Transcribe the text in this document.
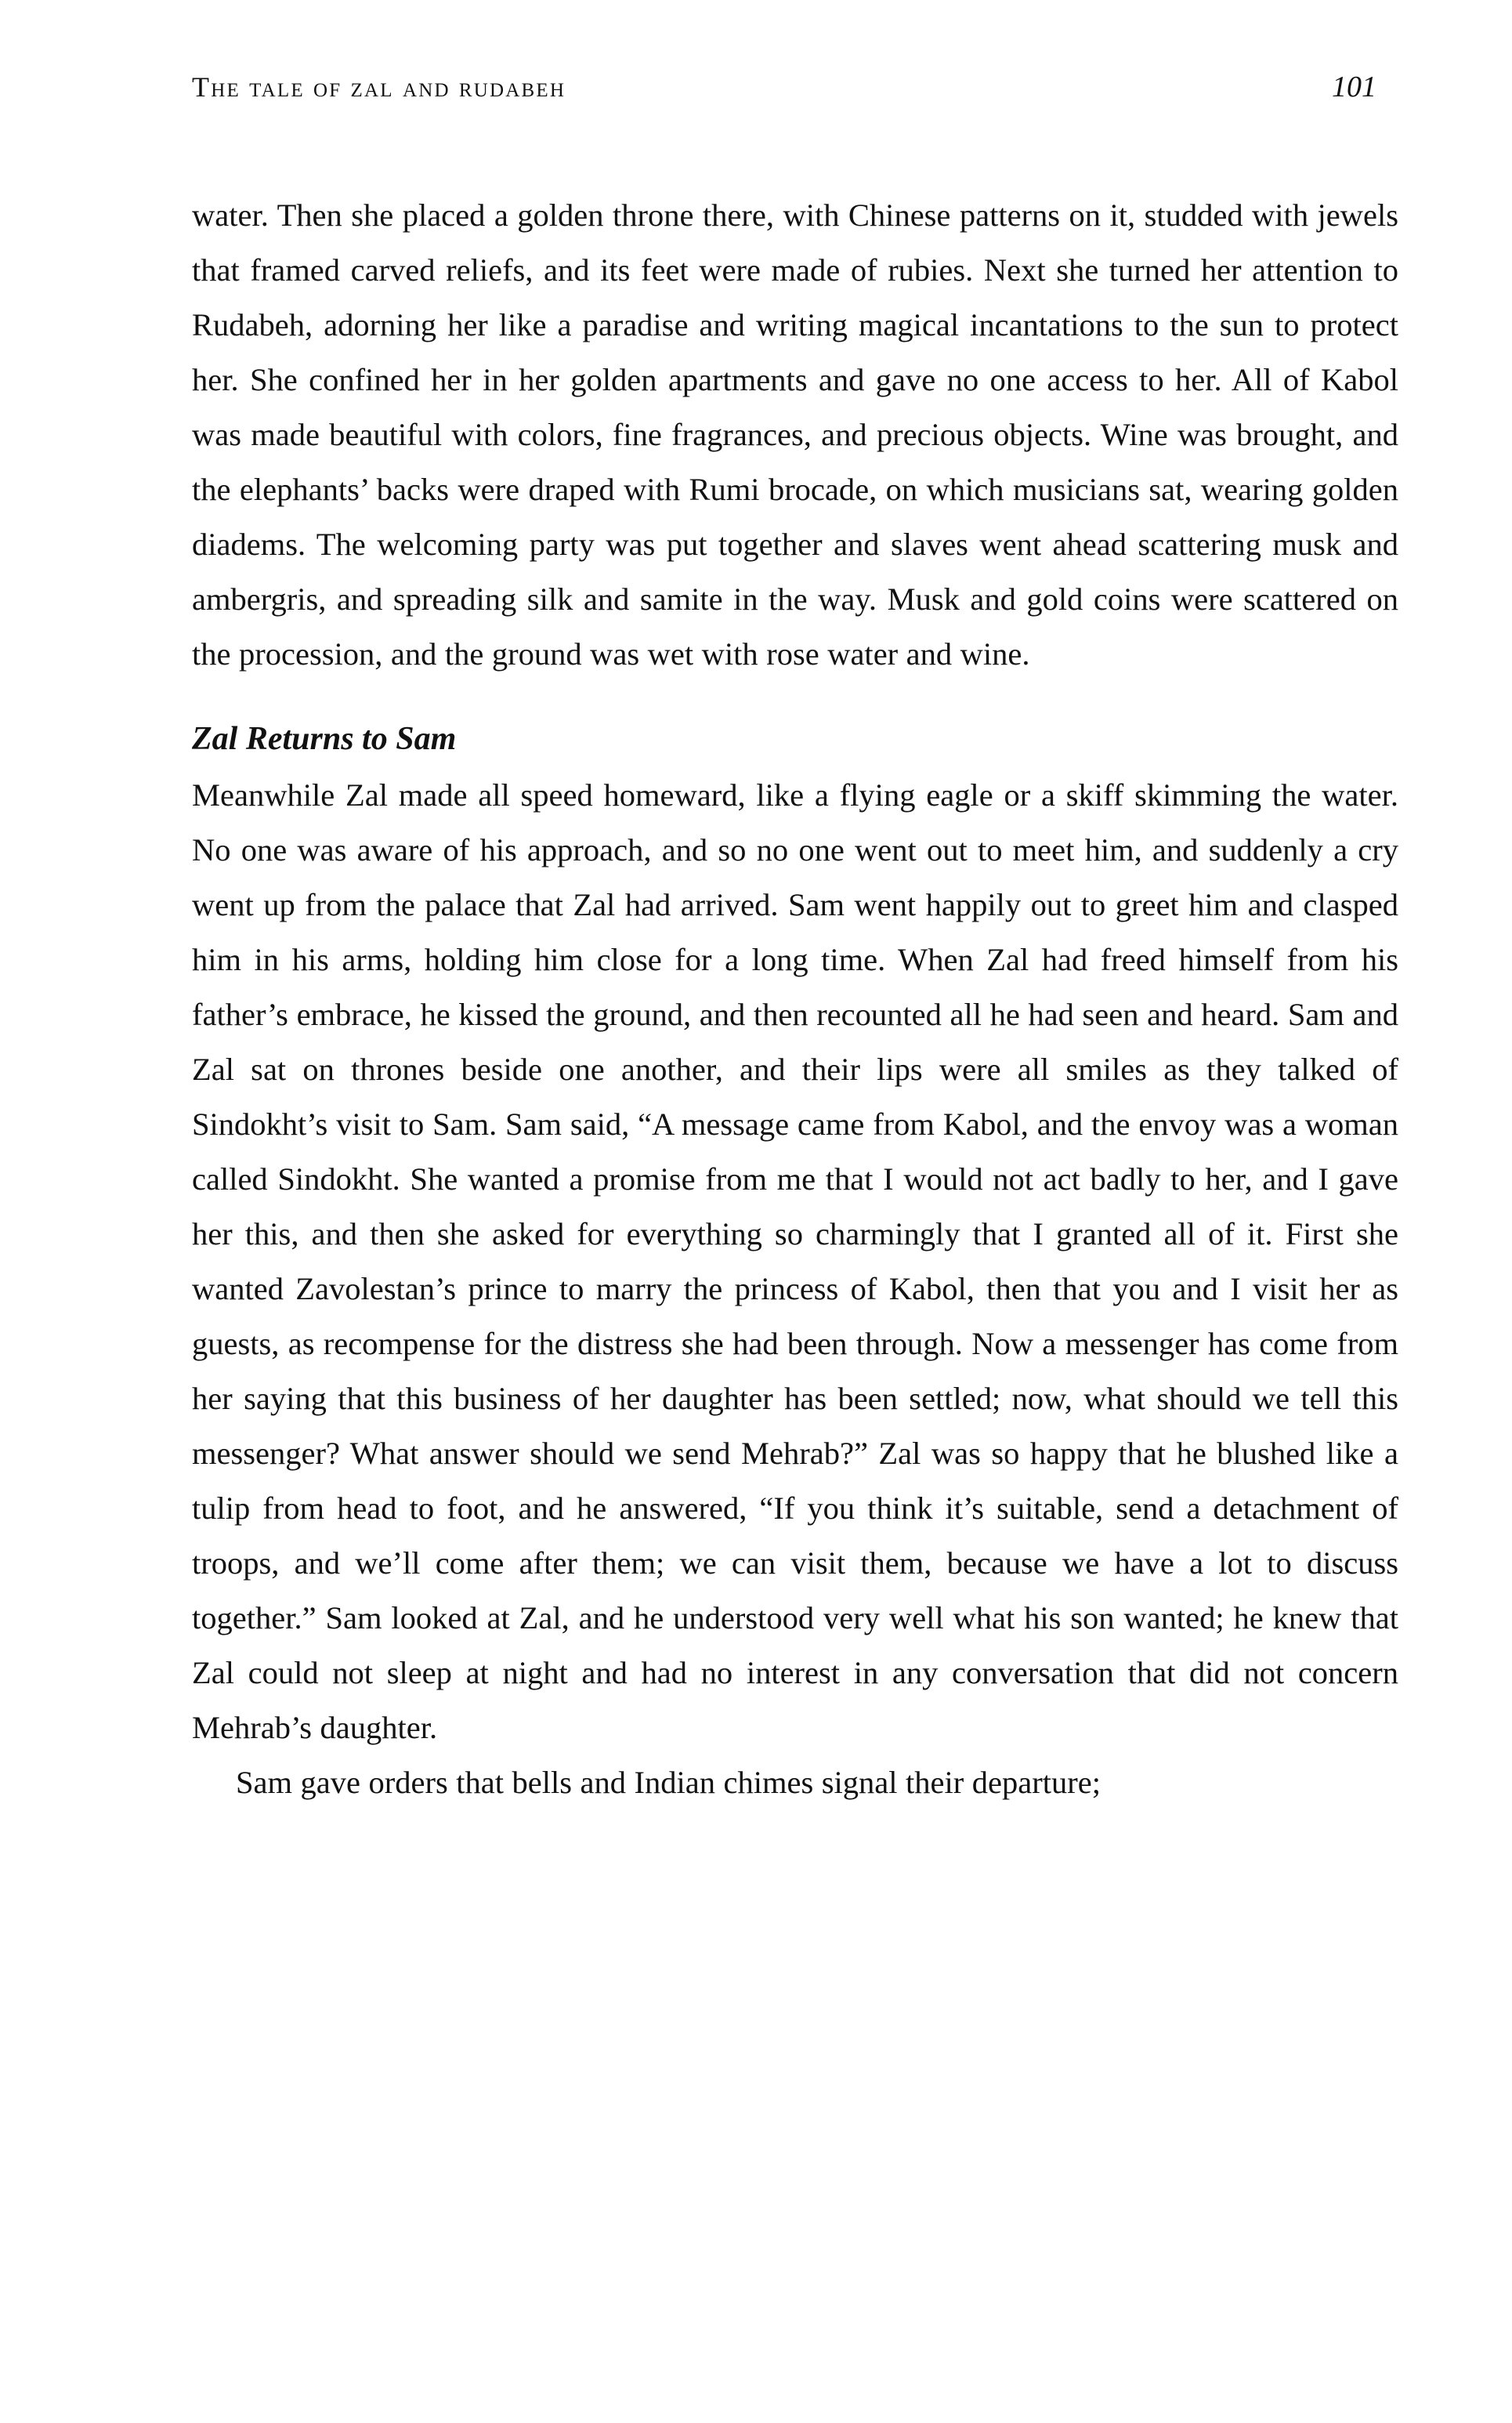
The tale of zal and rudabeh	101

water. Then she placed a golden throne there, with Chinese patterns on it, studded with jewels that framed carved reliefs, and its feet were made of rubies. Next she turned her attention to Rudabeh, adorning her like a paradise and writing magical incantations to the sun to protect her. She confined her in her golden apartments and gave no one access to her. All of Kabol was made beautiful with colors, fine fragrances, and precious objects. Wine was brought, and the elephants’ backs were draped with Rumi brocade, on which musicians sat, wearing golden diadems. The welcoming party was put together and slaves went ahead scattering musk and ambergris, and spreading silk and samite in the way. Musk and gold coins were scattered on the procession, and the ground was wet with rose water and wine.

Zal Returns to Sam

Meanwhile Zal made all speed homeward, like a flying eagle or a skiff skimming the water. No one was aware of his approach, and so no one went out to meet him, and suddenly a cry went up from the palace that Zal had arrived. Sam went happily out to greet him and clasped him in his arms, holding him close for a long time. When Zal had freed himself from his father’s embrace, he kissed the ground, and then recounted all he had seen and heard. Sam and Zal sat on thrones beside one another, and their lips were all smiles as they talked of Sindokht’s visit to Sam. Sam said, “A message came from Kabol, and the envoy was a woman called Sindokht. She wanted a promise from me that I would not act badly to her, and I gave her this, and then she asked for everything so charmingly that I granted all of it. First she wanted Zavolestan’s prince to marry the princess of Kabol, then that you and I visit her as guests, as recompense for the distress she had been through. Now a messenger has come from her saying that this business of her daughter has been settled; now, what should we tell this messenger? What answer should we send Mehrab?” Zal was so happy that he blushed like a tulip from head to foot, and he answered, “If you think it’s suitable, send a detachment of troops, and we’ll come after them; we can visit them, because we have a lot to discuss together.” Sam looked at Zal, and he understood very well what his son wanted; he knew that Zal could not sleep at night and had no interest in any conversation that did not concern Mehrab’s daughter.

Sam gave orders that bells and Indian chimes signal their departure;
